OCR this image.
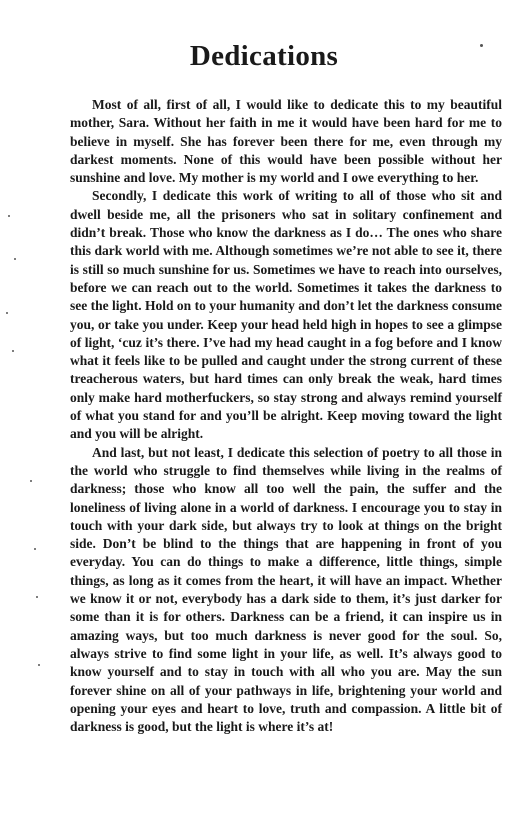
Dedications

Most of all, first of all, I would like to dedicate this to my beautiful mother, Sara. Without her faith in me it would have been hard for me to believe in myself. She has forever been there for me, even through my darkest moments. None of this would have been possible without her sunshine and love. My mother is my world and I owe everything to her.

Secondly, I dedicate this work of writing to all of those who sit and dwell beside me, all the prisoners who sat in solitary confinement and didn’t break. Those who know the darkness as I do… The ones who share this dark world with me. Although sometimes we’re not able to see it, there is still so much sunshine for us. Sometimes we have to reach into ourselves, before we can reach out to the world. Sometimes it takes the darkness to see the light. Hold on to your humanity and don’t let the darkness consume you, or take you under. Keep your head held high in hopes to see a glimpse of light, ‘cuz it’s there. I’ve had my head caught in a fog before and I know what it feels like to be pulled and caught under the strong current of these treacherous waters, but hard times can only break the weak, hard times only make hard motherfuckers, so stay strong and always remind yourself of what you stand for and you’ll be alright. Keep moving toward the light and you will be alright.

And last, but not least, I dedicate this selection of poetry to all those in the world who struggle to find themselves while living in the realms of darkness; those who know all too well the pain, the suffer and the loneliness of living alone in a world of darkness. I encourage you to stay in touch with your dark side, but always try to look at things on the bright side. Don’t be blind to the things that are happening in front of you everyday. You can do things to make a difference, little things, simple things, as long as it comes from the heart, it will have an impact. Whether we know it or not, everybody has a dark side to them, it’s just darker for some than it is for others. Darkness can be a friend, it can inspire us in amazing ways, but too much darkness is never good for the soul. So, always strive to find some light in your life, as well. It’s always good to know yourself and to stay in touch with all who you are. May the sun forever shine on all of your pathways in life, brightening your world and opening your eyes and heart to love, truth and compassion. A little bit of darkness is good, but the light is where it’s at!
